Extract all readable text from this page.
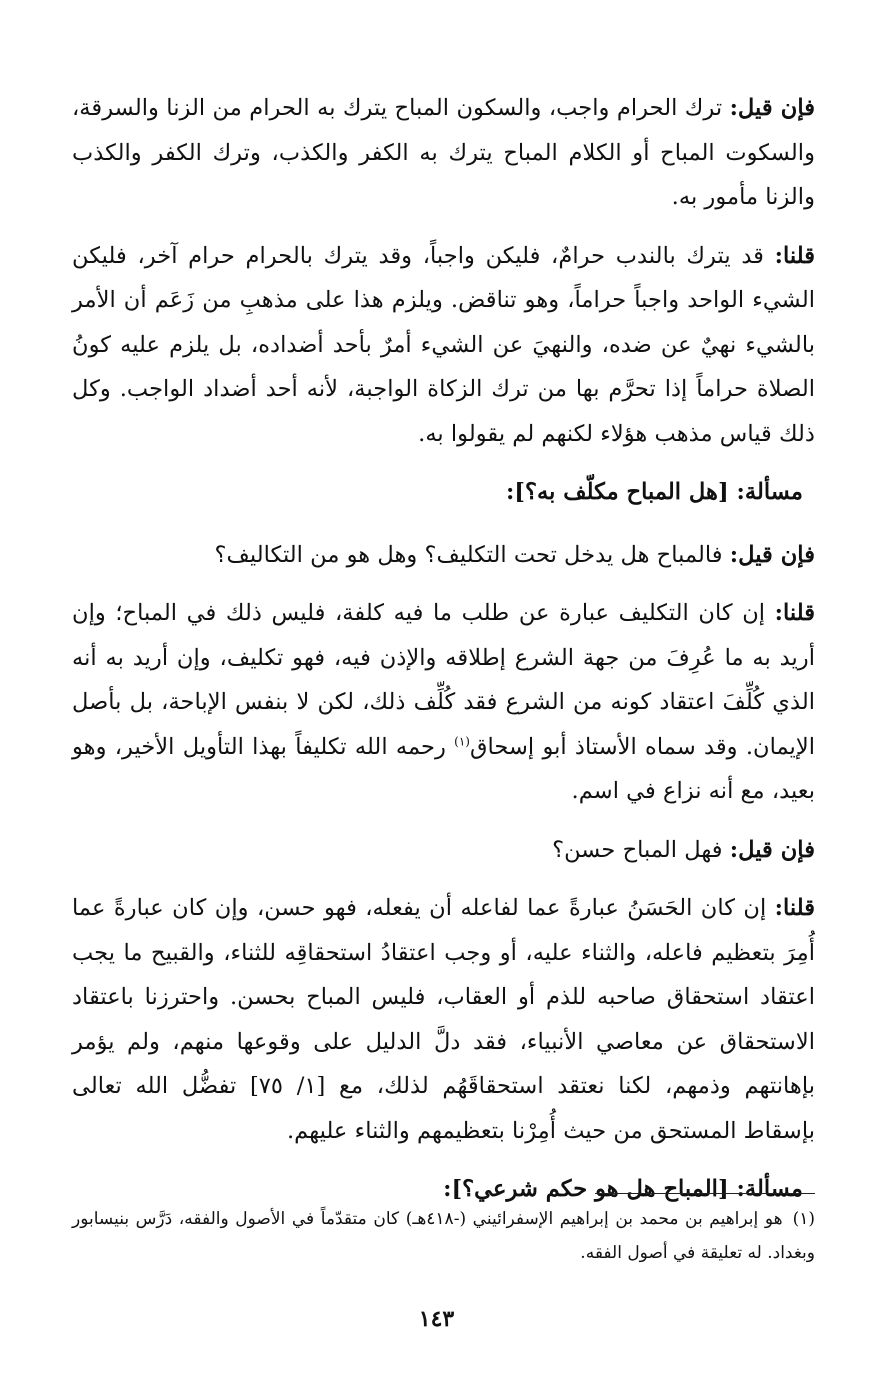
فإن قيل: ترك الحرام واجب، والسكون المباح يترك به الحرام من الزنا والسرقة، والسكوت المباح أو الكلام المباح يترك به الكفر والكذب، وترك الكفر والكذب والزنا مأمور به.

قلنا: قد يترك بالندب حرامٌ، فليكن واجباً، وقد يترك بالحرام حرام آخر، فليكن الشيء الواحد واجباً حراماً، وهو تناقض. ويلزم هذا على مذهبِ من زَعَم أن الأمر بالشيء نهيٌ عن ضده، والنهيَ عن الشيء أمرٌ بأحد أضداده، بل يلزم عليه كونُ الصلاة حراماً إذا تحرَّم بها من ترك الزكاة الواجبة، لأنه أحد أضداد الواجب. وكل ذلك قياس مذهب هؤلاء لكنهم لم يقولوا به.

مسألة: [هل المباح مكلّف به؟]:

فإن قيل: فالمباح هل يدخل تحت التكليف؟ وهل هو من التكاليف؟

قلنا: إن كان التكليف عبارة عن طلب ما فيه كلفة، فليس ذلك في المباح؛ وإن أريد به ما عُرِفَ من جهة الشرع إطلاقه والإذن فيه، فهو تكليف، وإن أريد به أنه الذي كُلِّفَ اعتقاد كونه من الشرع فقد كُلِّف ذلك، لكن لا بنفس الإباحة، بل بأصل الإيمان. وقد سماه الأستاذ أبو إسحاق$^{(١)}$ رحمه الله تكليفاً بهذا التأويل الأخير، وهو بعيد، مع أنه نزاع في اسم.

فإن قيل: فهل المباح حسن؟

قلنا: إن كان الحَسَنُ عبارةً عما لفاعله أن يفعله، فهو حسن، وإن كان عبارةً عما أُمِرَ بتعظيم فاعله، والثناء عليه، أو وجب اعتقادُ استحقاقِه للثناء، والقبيح ما يجب اعتقاد استحقاق صاحبه للذم أو العقاب، فليس المباح بحسن. واحترزنا باعتقاد الاستحقاق عن معاصي الأنبياء، فقد دلَّ الدليل على وقوعها منهم، ولم يؤمر بإهانتهم وذمهم، لكنا نعتقد استحقاقَهُم لذلك، مع [١/ ٧٥] تفضُّل الله تعالى بإسقاط المستحق من حيث أُمِرْنا بتعظيمهم والثناء عليهم.

مسألة: [المباح هل هو حكم شرعي؟]:

(١)هو إبراهيم بن محمد بن إبراهيم الإسفرائيني (-٤١٨هـ) كان متقدّماً في الأصول والفقه، دَرَّس بنيسابور وبغداد. له تعليقة في أصول الفقه.
١٤٣
